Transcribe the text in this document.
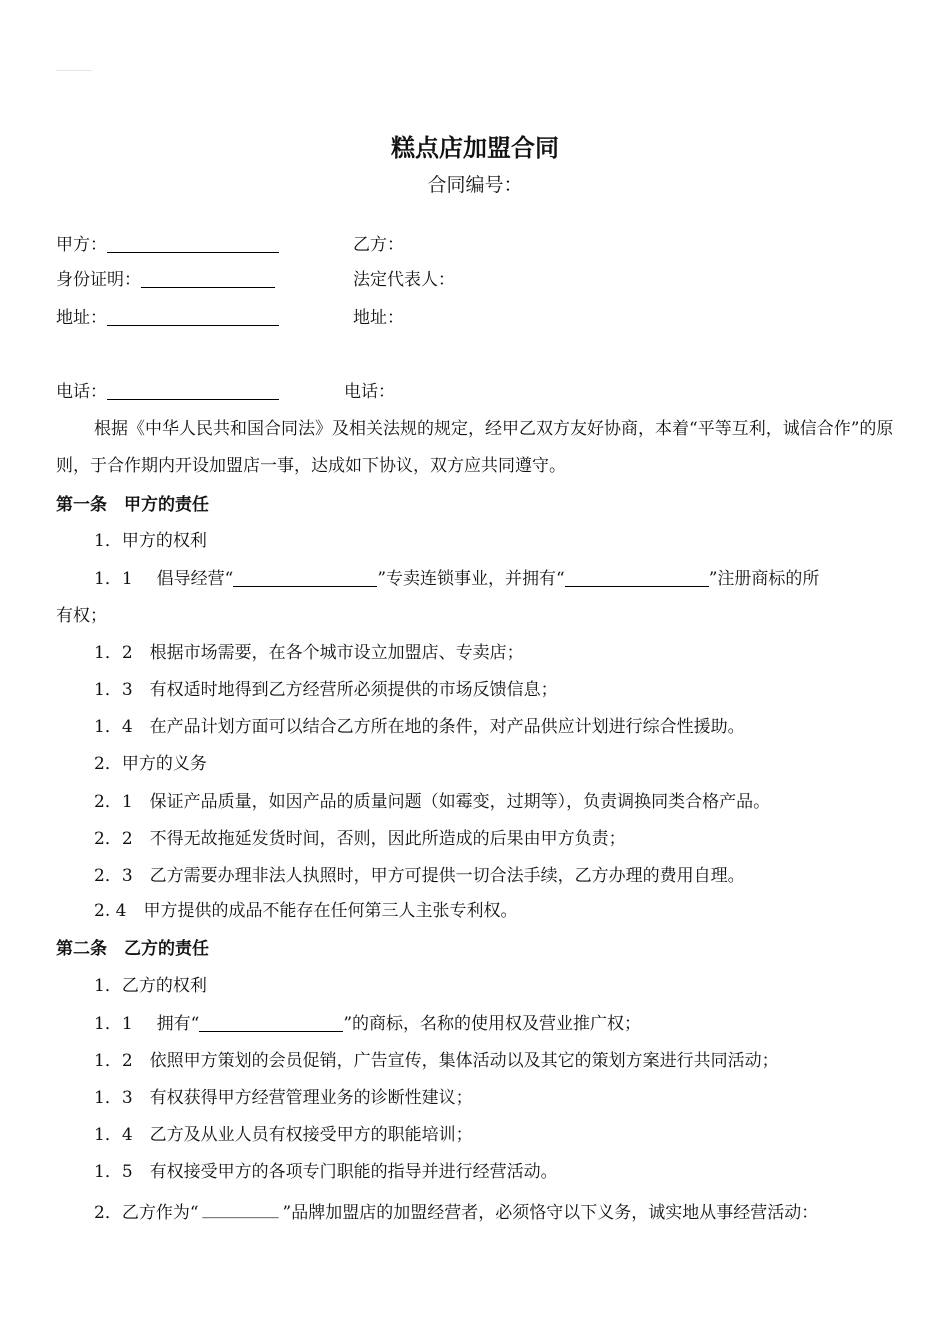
糕点店加盟合同
合同编号：
甲方：	乙方：
身份证明：	法定代表人：
地址：	地址：
电话：	电话：
根据《中华人民共和国合同法》及相关法规的规定，经甲乙双方友好协商，本着“平等互利，诚信合作”的原则，于合作期内开设加盟店一事，达成如下协议，双方应共同遵守。
第一条　甲方的责任
1．甲方的权利
1．1 倡导经营“	”专卖连锁事业，并拥有“	”注册商标的所
有权；
1．2　根据市场需要，在各个城市设立加盟店、专卖店；
1．3　有权适时地得到乙方经营所必须提供的市场反馈信息；
1．4　在产品计划方面可以结合乙方所在地的条件，对产品供应计划进行综合性援助。
2．甲方的义务
2．1　保证产品质量，如因产品的质量问题（如霉变，过期等），负责调换同类合格产品。
2．2　不得无故拖延发货时间，否则，因此所造成的后果由甲方负责；
2．3　乙方需要办理非法人执照时，甲方可提供一切合法手续，乙方办理的费用自理。
2. 4　甲方提供的成品不能存在任何第三人主张专利权。
第二条　乙方的责任
1．乙方的权利
1．1 拥有“	”的商标，名称的使用权及营业推广权；
1．2　依照甲方策划的会员促销，广告宣传，集体活动以及其它的策划方案进行共同活动；
1．3　有权获得甲方经营管理业务的诊断性建议；
1．4　乙方及从业人员有权接受甲方的职能培训；
1．5　有权接受甲方的各项专门职能的指导并进行经营活动。
2．乙方作为“ _________ ”品牌加盟店的加盟经营者，必须恪守以下义务，诚实地从事经营活动：
